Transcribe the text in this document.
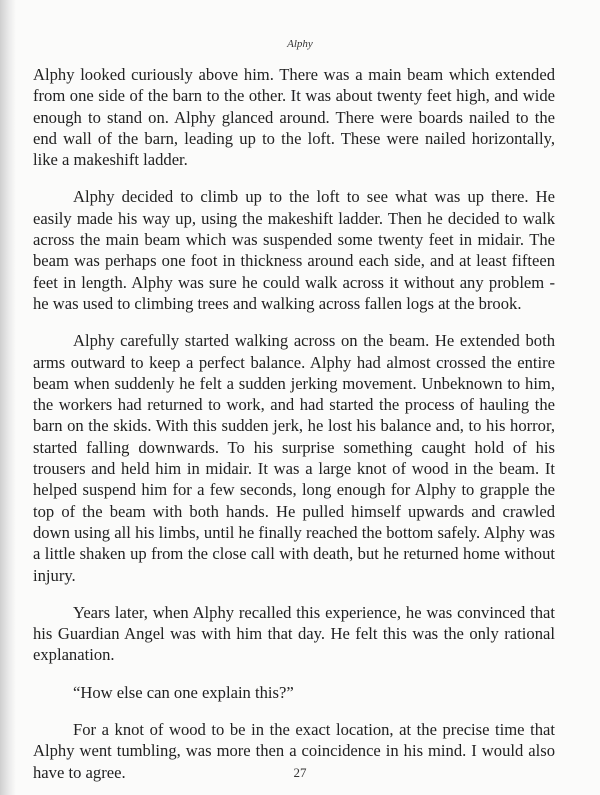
Alphy

Alphy looked curiously above him. There was a main beam which extended from one side of the barn to the other. It was about twenty feet high, and wide enough to stand on. Alphy glanced around. There were boards nailed to the end wall of the barn, leading up to the loft. These were nailed horizontally, like a makeshift ladder.

Alphy decided to climb up to the loft to see what was up there. He easily made his way up, using the makeshift ladder. Then he decided to walk across the main beam which was suspended some twenty feet in midair. The beam was perhaps one foot in thickness around each side, and at least fifteen feet in length. Alphy was sure he could walk across it without any problem - he was used to climbing trees and walking across fallen logs at the brook.

Alphy carefully started walking across on the beam. He extended both arms outward to keep a perfect balance. Alphy had almost crossed the entire beam when suddenly he felt a sudden jerking movement. Unbeknown to him, the workers had returned to work, and had started the process of hauling the barn on the skids. With this sudden jerk, he lost his balance and, to his horror, started falling downwards. To his surprise something caught hold of his trousers and held him in midair. It was a large knot of wood in the beam. It helped suspend him for a few seconds, long enough for Alphy to grapple the top of the beam with both hands. He pulled himself upwards and crawled down using all his limbs, until he finally reached the bottom safely. Alphy was a little shaken up from the close call with death, but he returned home without injury.

Years later, when Alphy recalled this experience, he was convinced that his Guardian Angel was with him that day. He felt this was the only rational explanation.

“How else can one explain this?”

For a knot of wood to be in the exact location, at the precise time that Alphy went tumbling, was more then a coincidence in his mind. I would also have to agree.	27
